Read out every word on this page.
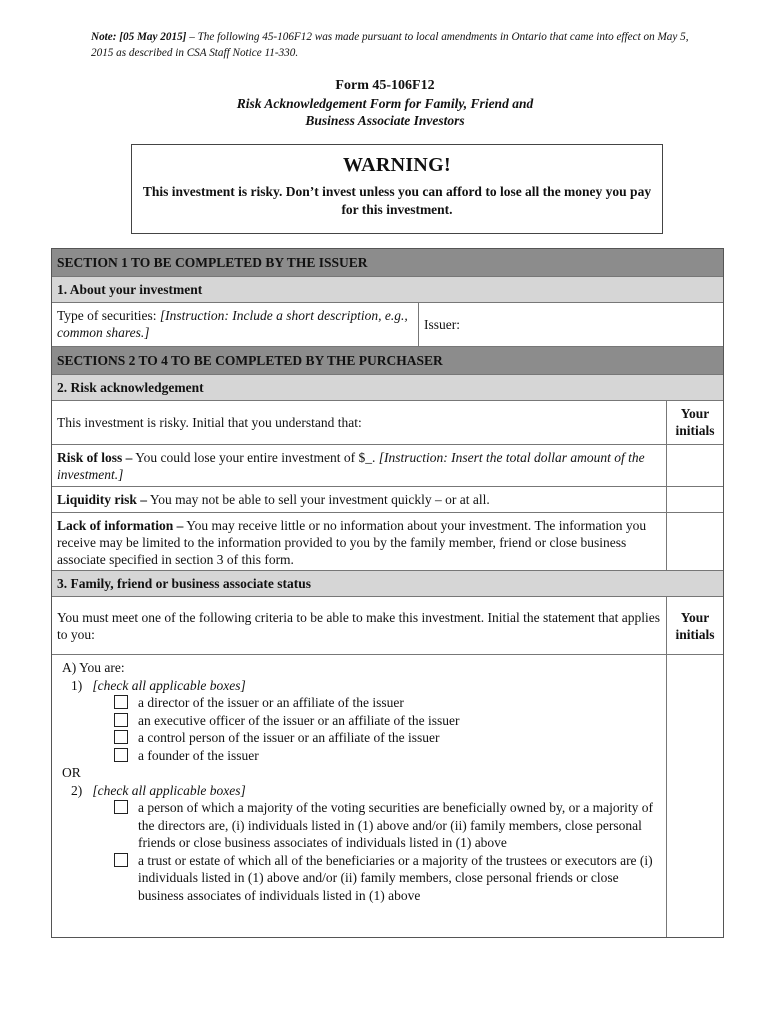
Note: [05 May 2015] – The following 45-106F12 was made pursuant to local amendments in Ontario that came into effect on May 5, 2015 as described in CSA Staff Notice 11-330.
Form 45-106F12
Risk Acknowledgement Form for Family, Friend and
Business Associate Investors
WARNING!
This investment is risky. Don’t invest unless you can afford to lose all the money you pay for this investment.
SECTION 1 TO BE COMPLETED BY THE ISSUER
1. About your investment
Type of securities: [Instruction: Include a short description, e.g., common shares.]
Issuer:
SECTIONS 2 TO 4 TO BE COMPLETED BY THE PURCHASER
2. Risk acknowledgement
This investment is risky. Initial that you understand that:
Your initials
Risk of loss – You could lose your entire investment of $_. [Instruction: Insert the total dollar amount of the investment.]
Liquidity risk – You may not be able to sell your investment quickly – or at all.
Lack of information – You may receive little or no information about your investment. The information you receive may be limited to the information provided to you by the family member, friend or close business associate specified in section 3 of this form.
3. Family, friend or business associate status
You must meet one of the following criteria to be able to make this investment. Initial the statement that applies to you:
Your initials
A) You are:
1) [check all applicable boxes]
a director of the issuer or an affiliate of the issuer
an executive officer of the issuer or an affiliate of the issuer
a control person of the issuer or an affiliate of the issuer
a founder of the issuer
OR
2) [check all applicable boxes]
a person of which a majority of the voting securities are beneficially owned by, or a majority of the directors are, (i) individuals listed in (1) above and/or (ii) family members, close personal friends or close business associates of individuals listed in (1) above
a trust or estate of which all of the beneficiaries or a majority of the trustees or executors are (i) individuals listed in (1) above and/or (ii) family members, close personal friends or close business associates of individuals listed in (1) above
